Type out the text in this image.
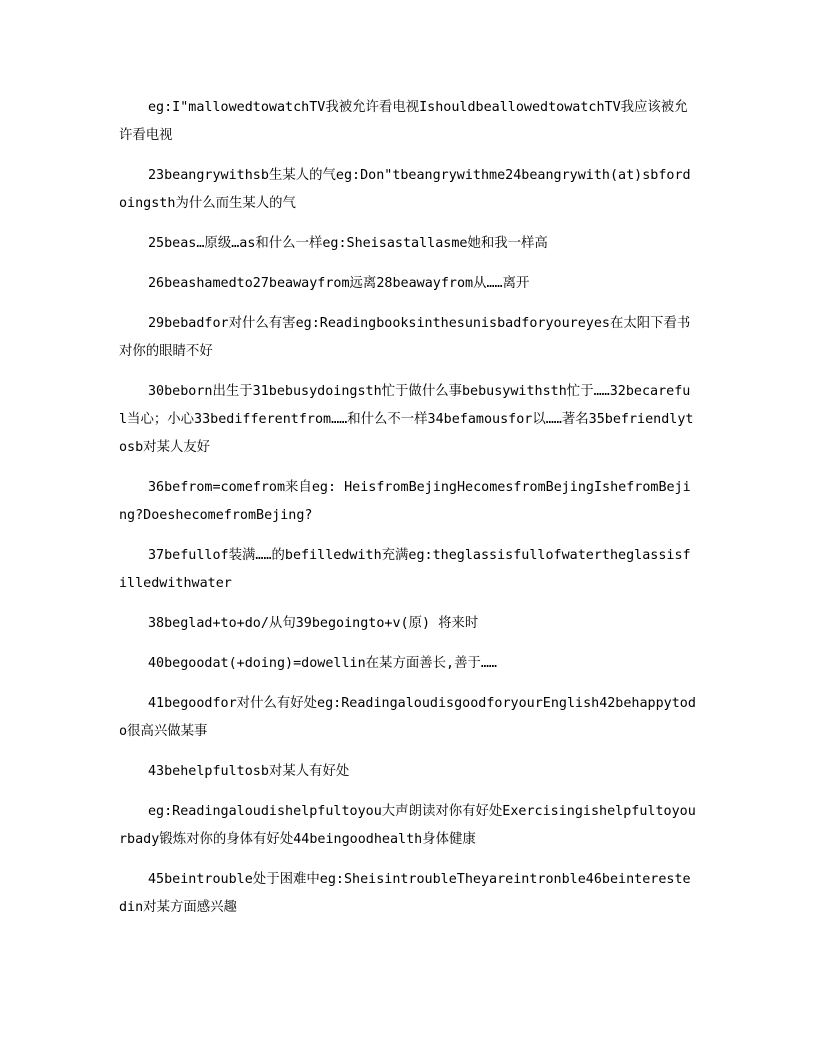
eg:I"mallowedtowatchTV我被允许看电视IshouldbeallowedtowatchTV我应该被允许看电视

23beangrywithsb生某人的气eg:Don"tbeangrywithme24beangrywith(at)sbfordoingsth为什么而生某人的气

25beas…原级…as和什么一样eg:Sheisastallasme她和我一样高

26beashamedto27beawayfrom远离28beawayfrom从……离开

29bebadfor对什么有害eg:Readingbooksinthesunisbadforyoureyes在太阳下看书对你的眼睛不好

30beborn出生于31bebusydoingsth忙于做什么事bebusywithsth忙于……32becareful当心；小心33bedifferentfrom……和什么不一样34befamousfor以……著名35befriendlytosb对某人友好

36befrom=comefrom来自eg: HeisfromBejingHecomesfromBejingIshefromBejing?DoeshecomefromBejing?

37befullof装满……的befilledwith充满eg:theglassisfullofwatertheglassisfilledwithwater

38beglad+to+do/从句39begoingto+v(原) 将来时

40begoodat(+doing)=dowellin在某方面善长,善于……

41begoodfor对什么有好处eg:ReadingaloudisgoodforyourEnglish42behappytodo很高兴做某事

43behelpfultosb对某人有好处

eg:Readingaloudishelpfultoyou大声朗读对你有好处Exercisingishelpfultoyourbady锻炼对你的身体有好处44beingoodhealth身体健康

45beintrouble处于困难中eg:SheisintroubleTheyareintronble46beinterestedin对某方面感兴趣
